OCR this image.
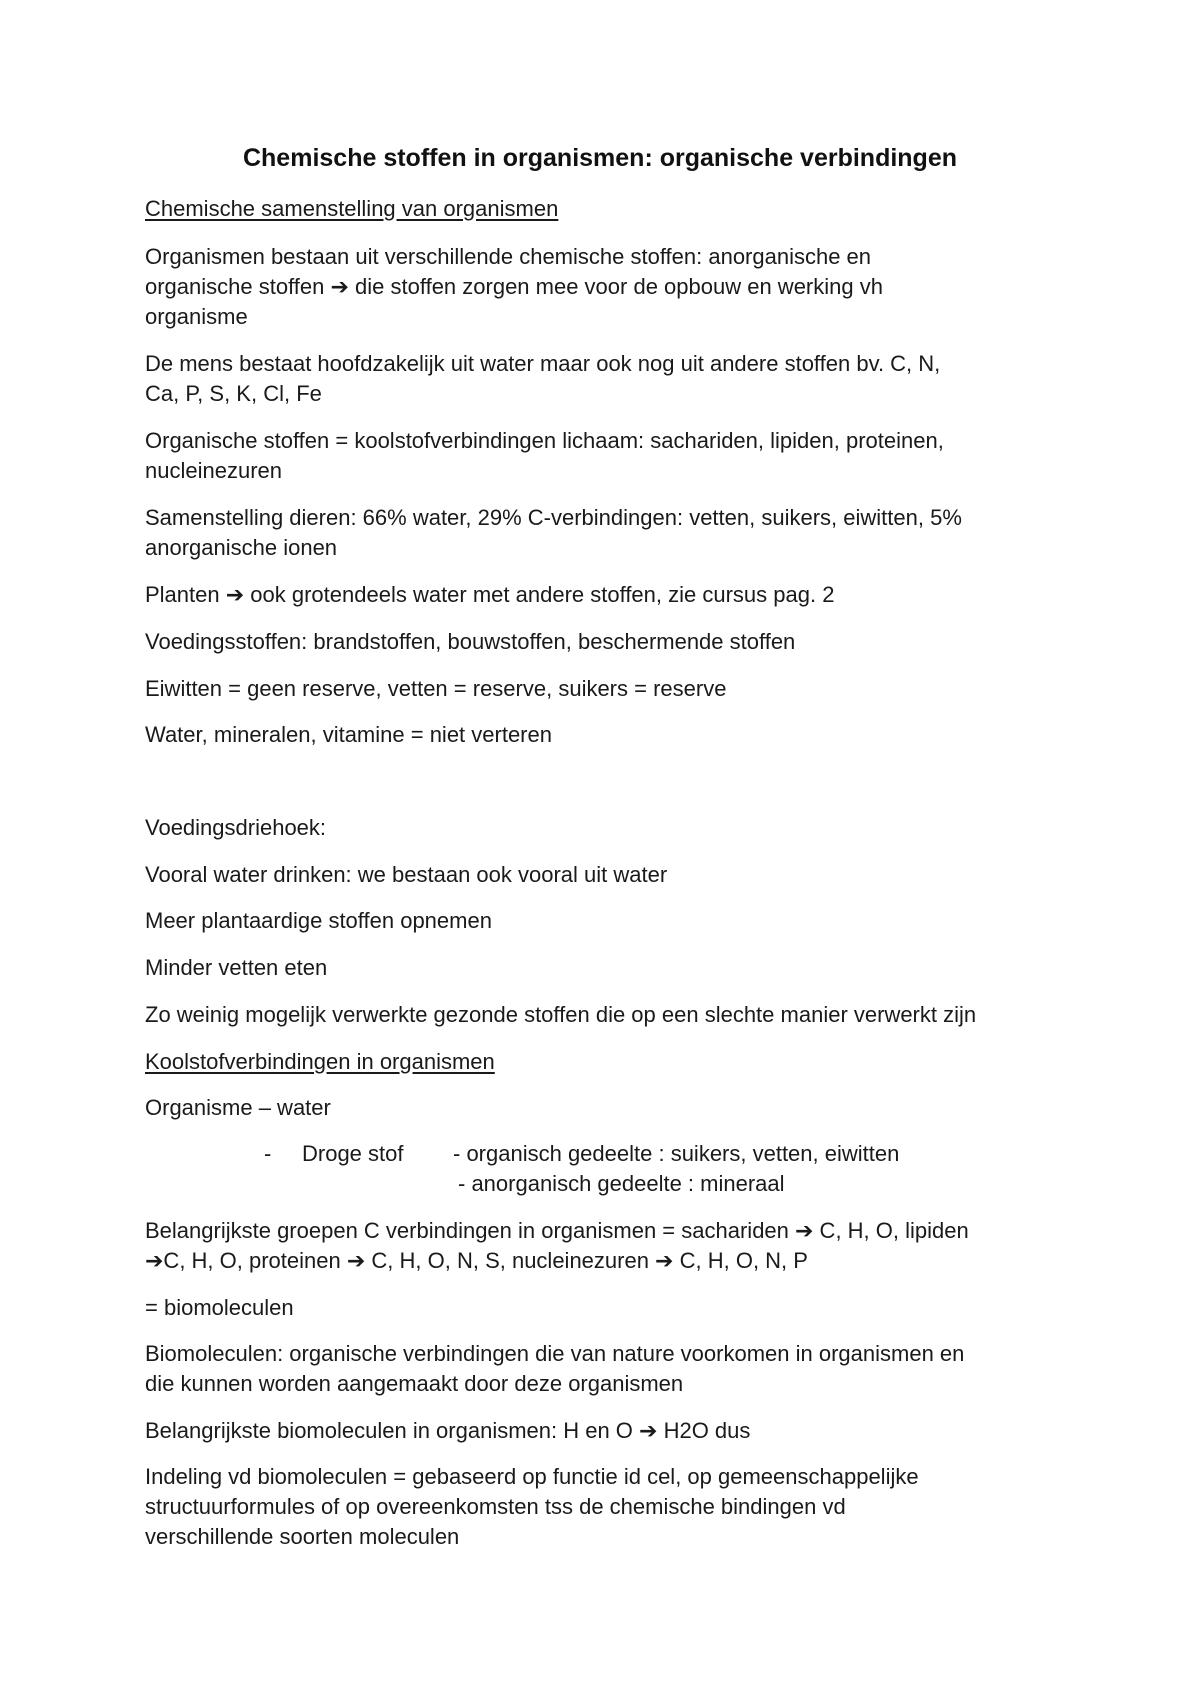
Chemische stoffen in organismen: organische verbindingen
Chemische samenstelling van organismen
Organismen bestaan uit verschillende chemische stoffen: anorganische en
organische stoffen ➔ die stoffen zorgen mee voor de opbouw en werking vh
organisme
De mens bestaat hoofdzakelijk uit water maar ook nog uit andere stoffen bv. C, N,
Ca, P, S, K, Cl, Fe
Organische stoffen = koolstofverbindingen lichaam: sachariden, lipiden, proteinen,
nucleinezuren
Samenstelling dieren: 66% water, 29% C-verbindingen: vetten, suikers, eiwitten, 5%
anorganische ionen
Planten ➔ ook grotendeels water met andere stoffen, zie cursus pag. 2
Voedingsstoffen: brandstoffen, bouwstoffen, beschermende stoffen
Eiwitten = geen reserve, vetten = reserve, suikers = reserve
Water, mineralen, vitamine = niet verteren
Voedingsdriehoek:
Vooral water drinken: we bestaan ook vooral uit water
Meer plantaardige stoffen opnemen
Minder vetten eten
Zo weinig mogelijk verwerkte gezonde stoffen die op een slechte manier verwerkt zijn
Koolstofverbindingen in organismen
Organisme – water
- Droge stof - organisch gedeelte : suikers, vetten, eiwitten
- anorganisch gedeelte : mineraal
Belangrijkste groepen C verbindingen in organismen = sachariden ➔ C, H, O, lipiden
➔C, H, O, proteinen ➔ C, H, O, N, S, nucleinezuren ➔ C, H, O, N, P
= biomoleculen
Biomoleculen: organische verbindingen die van nature voorkomen in organismen en
die kunnen worden aangemaakt door deze organismen
Belangrijkste biomoleculen in organismen: H en O ➔ H2O dus
Indeling vd biomoleculen = gebaseerd op functie id cel, op gemeenschappelijke
structuurformules of op overeenkomsten tss de chemische bindingen vd
verschillende soorten moleculen
